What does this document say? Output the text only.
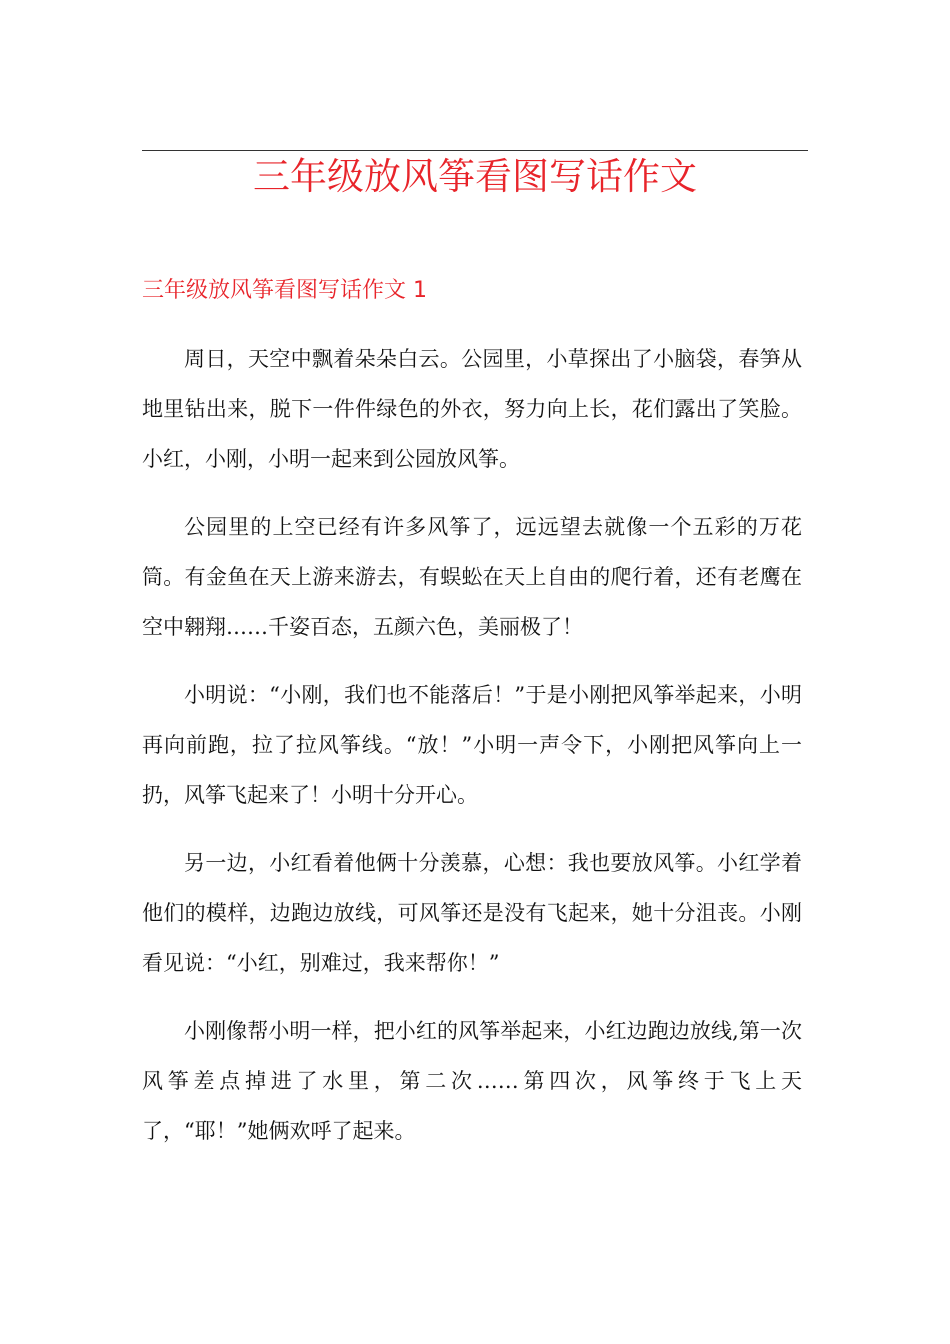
三年级放风筝看图写话作文
三年级放风筝看图写话作文 1

周日，天空中飘着朵朵白云。公园里，小草探出了小脑袋，春笋从地里钻出来，脱下一件件绿色的外衣，努力向上长，花们露出了笑脸。小红，小刚，小明一起来到公园放风筝。

公园里的上空已经有许多风筝了，远远望去就像一个五彩的万花筒。有金鱼在天上游来游去，有蜈蚣在天上自由的爬行着，还有老鹰在空中翱翔……千姿百态，五颜六色，美丽极了！

小明说：“小刚，我们也不能落后！”于是小刚把风筝举起来，小明再向前跑，拉了拉风筝线。“放！”小明一声令下，小刚把风筝向上一扔，风筝飞起来了！小明十分开心。

另一边，小红看着他俩十分羡慕，心想：我也要放风筝。小红学着他们的模样，边跑边放线，可风筝还是没有飞起来，她十分沮丧。小刚看见说：“小红，别难过，我来帮你！”

小刚像帮小明一样，把小红的风筝举起来，小红边跑边放线,第一次风筝差点掉进了水里，第二次……第四次，风筝终于飞上天了，“耶！”她俩欢呼了起来。
